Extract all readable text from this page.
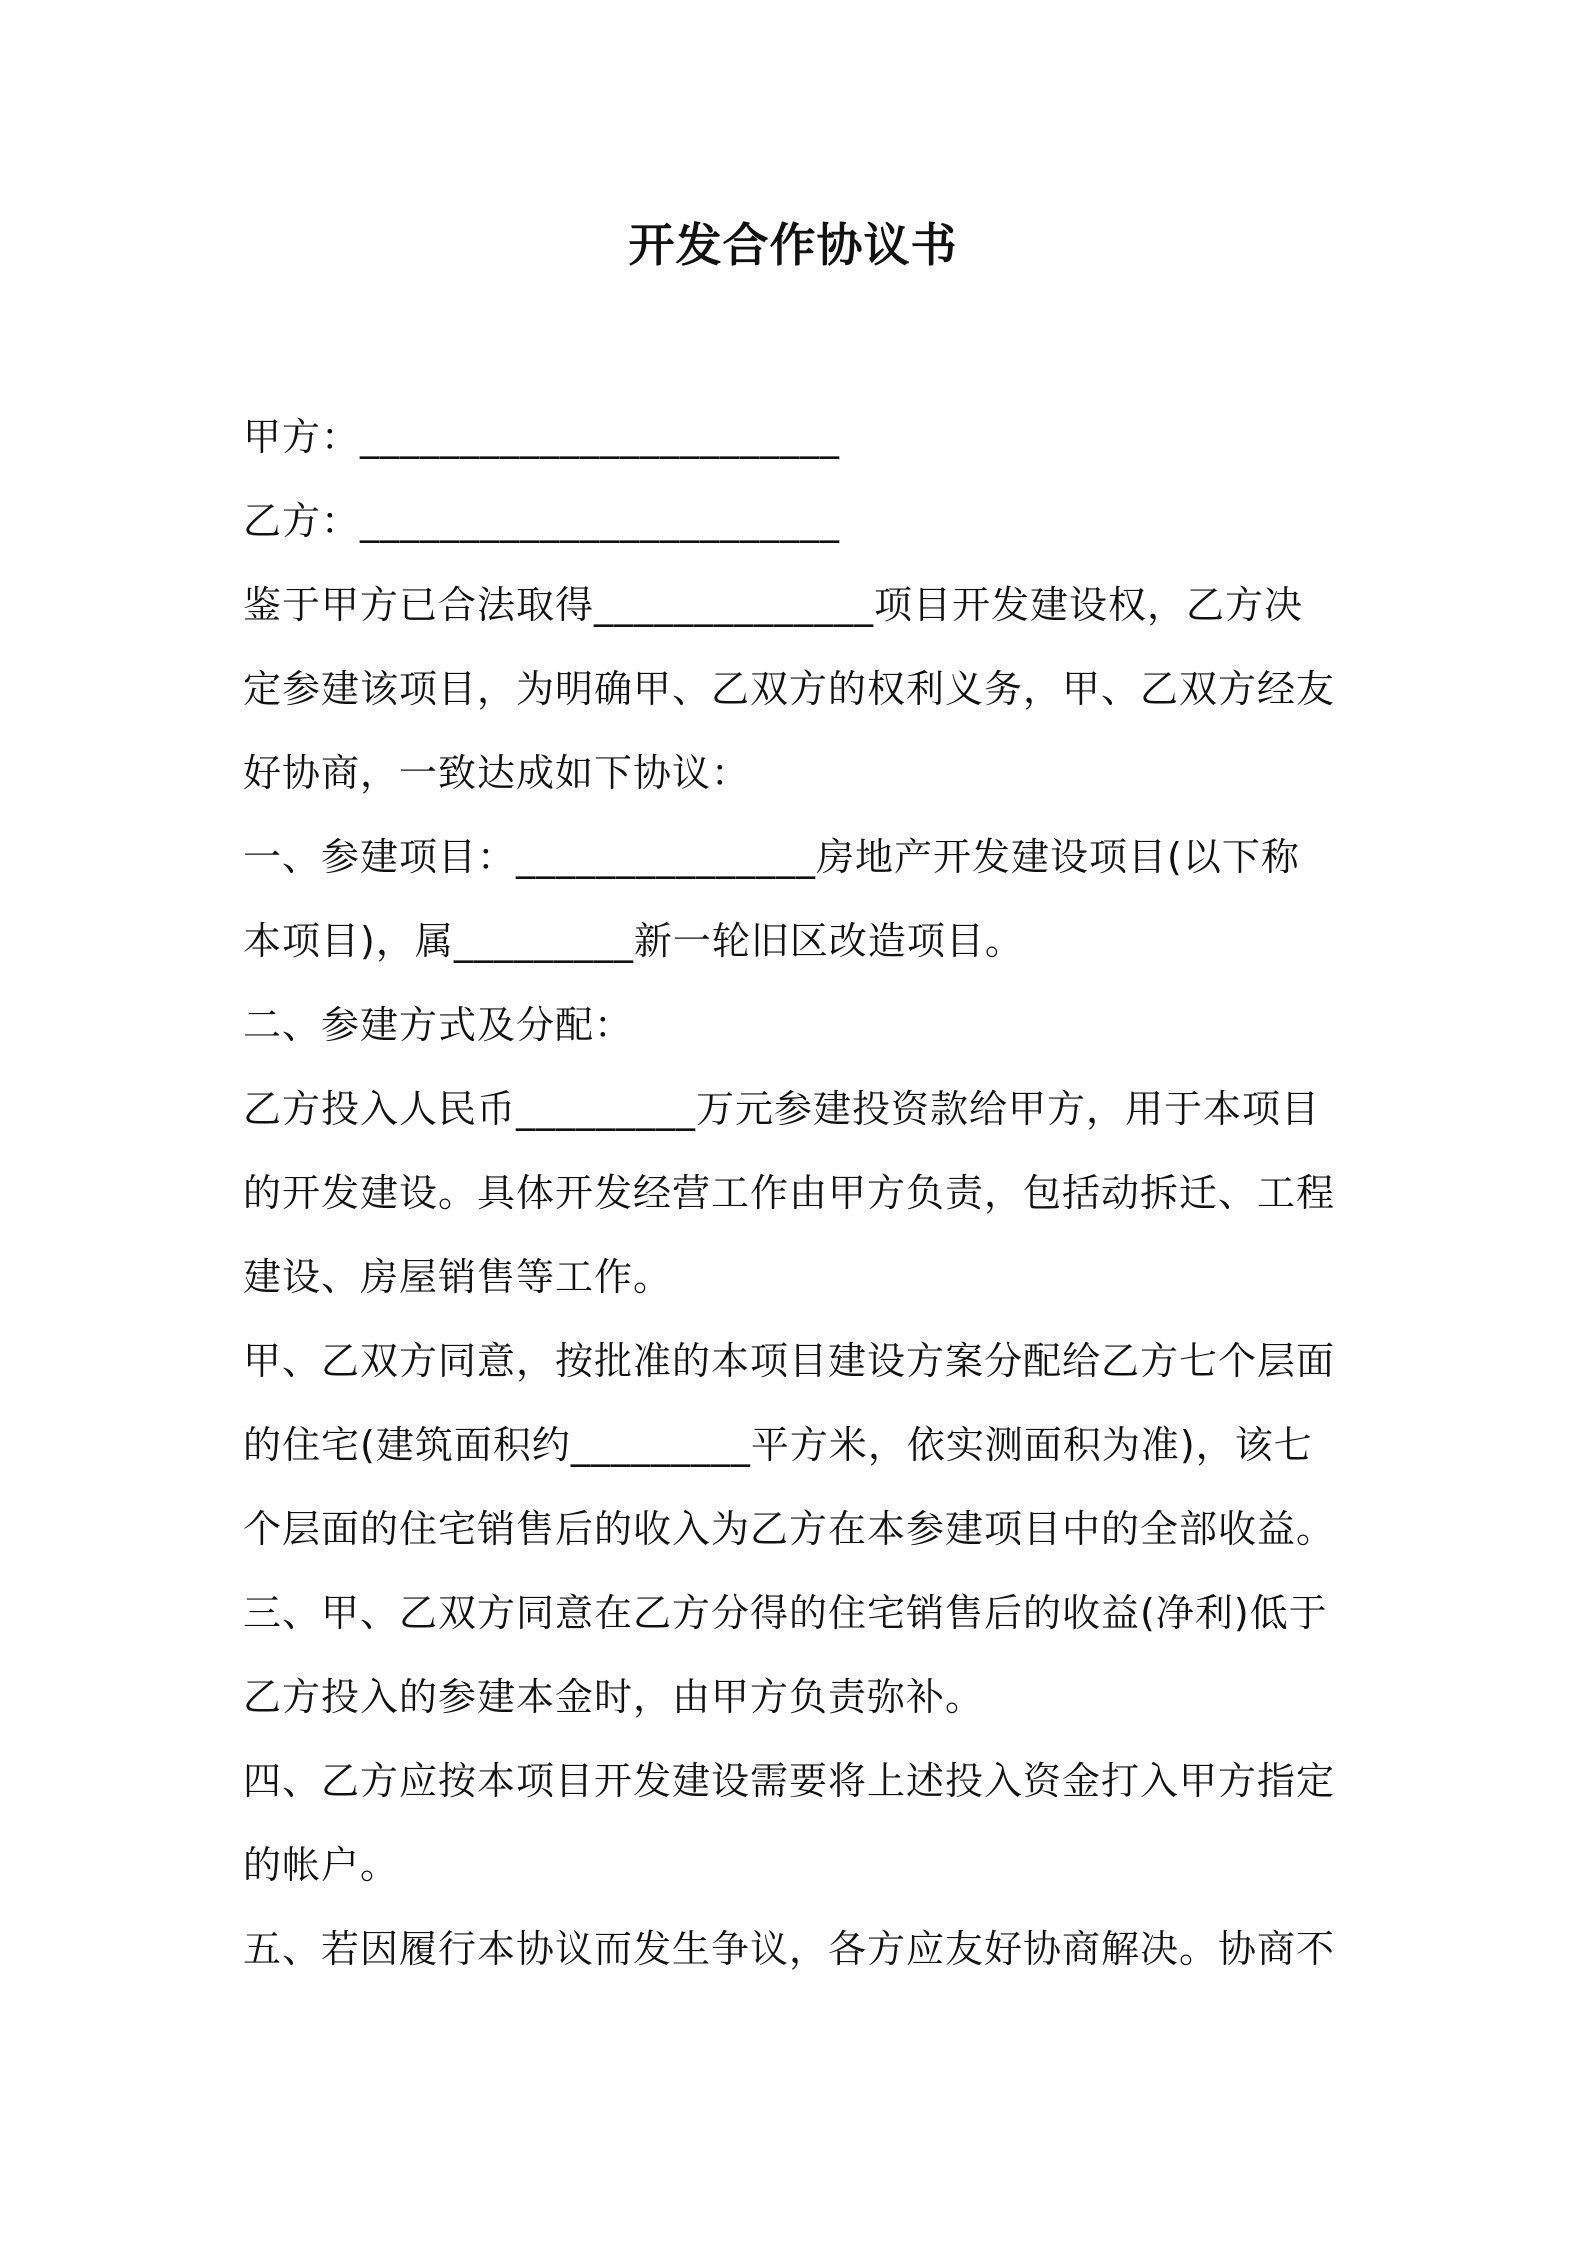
开发合作协议书
甲方：________________________
乙方：________________________
鉴于甲方已合法取得______________项目开发建设权，乙方决
定参建该项目，为明确甲、乙双方的权利义务，甲、乙双方经友
好协商，一致达成如下协议：
一、参建项目：_______________房地产开发建设项目(以下称
本项目)，属_________新一轮旧区改造项目。
二、参建方式及分配：
乙方投入人民币_________万元参建投资款给甲方，用于本项目
的开发建设。具体开发经营工作由甲方负责，包括动拆迁、工程
建设、房屋销售等工作。
甲、乙双方同意，按批准的本项目建设方案分配给乙方七个层面
的住宅(建筑面积约_________平方米，依实测面积为准)，该七
个层面的住宅销售后的收入为乙方在本参建项目中的全部收益。
三、甲、乙双方同意在乙方分得的住宅销售后的收益(净利)低于
乙方投入的参建本金时，由甲方负责弥补。
四、乙方应按本项目开发建设需要将上述投入资金打入甲方指定
的帐户。
五、若因履行本协议而发生争议，各方应友好协商解决。协商不
